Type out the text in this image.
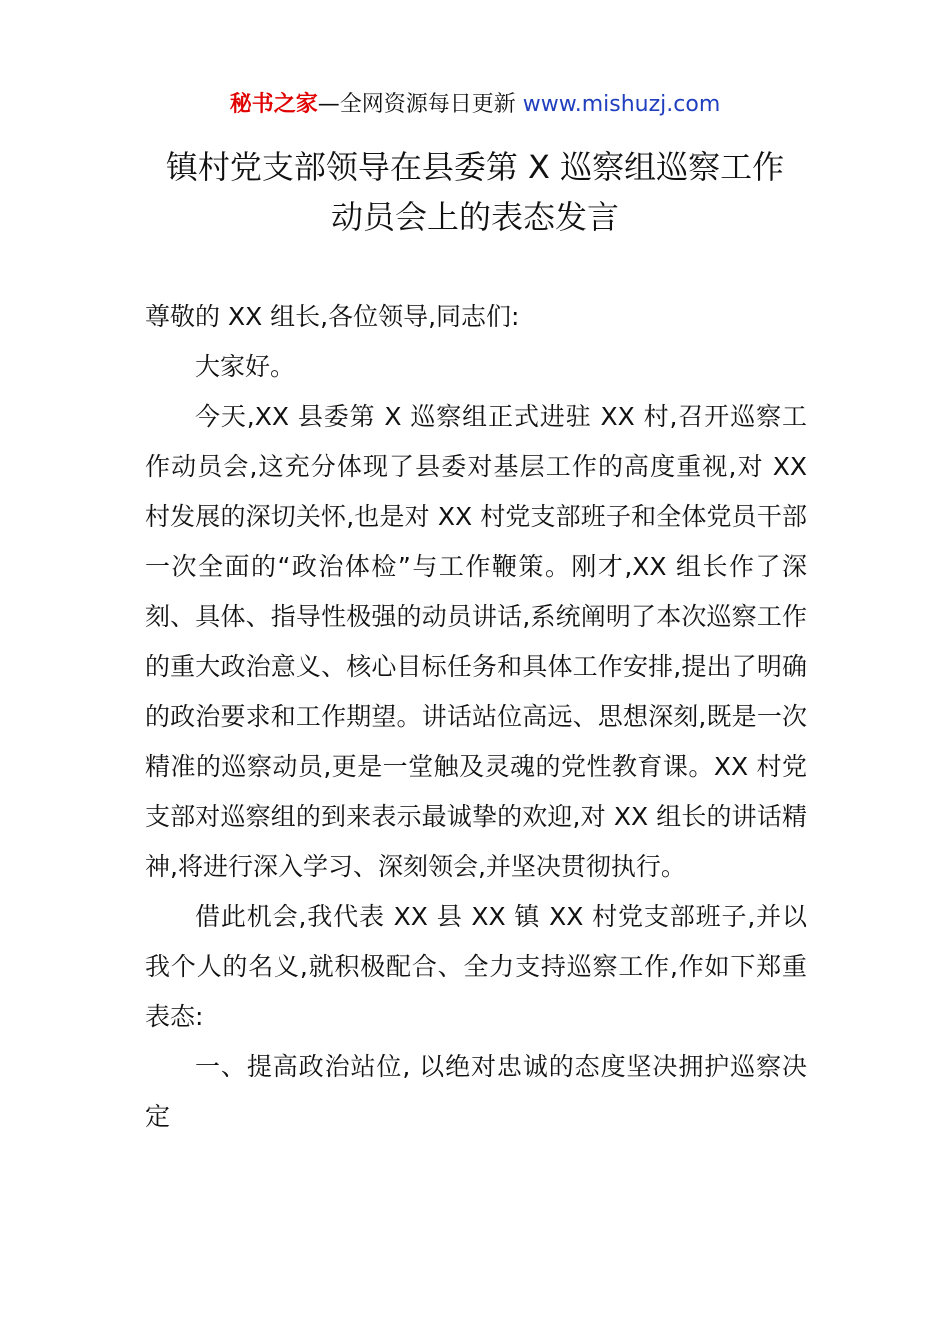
秘书之家—全网资源每日更新 www.mishuzj.com
镇村党支部领导在县委第 X 巡察组巡察工作
动员会上的表态发言

尊敬的 XX 组长,各位领导,同志们:

大家好。

今天,XX 县委第 X 巡察组正式进驻 XX 村,召开巡察工作动员会,这充分体现了县委对基层工作的高度重视,对 XX 村发展的深切关怀,也是对 XX 村党支部班子和全体党员干部一次全面的“政治体检”与工作鞭策。刚才,XX 组长作了深刻、具体、指导性极强的动员讲话,系统阐明了本次巡察工作的重大政治意义、核心目标任务和具体工作安排,提出了明确的政治要求和工作期望。讲话站位高远、思想深刻,既是一次精准的巡察动员,更是一堂触及灵魂的党性教育课。XX 村党支部对巡察组的到来表示最诚挚的欢迎,对 XX 组长的讲话精神,将进行深入学习、深刻领会,并坚决贯彻执行。

借此机会,我代表 XX 县 XX 镇 XX 村党支部班子,并以我个人的名义,就积极配合、全力支持巡察工作,作如下郑重表态:

一、提高政治站位, 以绝对忠诚的态度坚决拥护巡察决定
